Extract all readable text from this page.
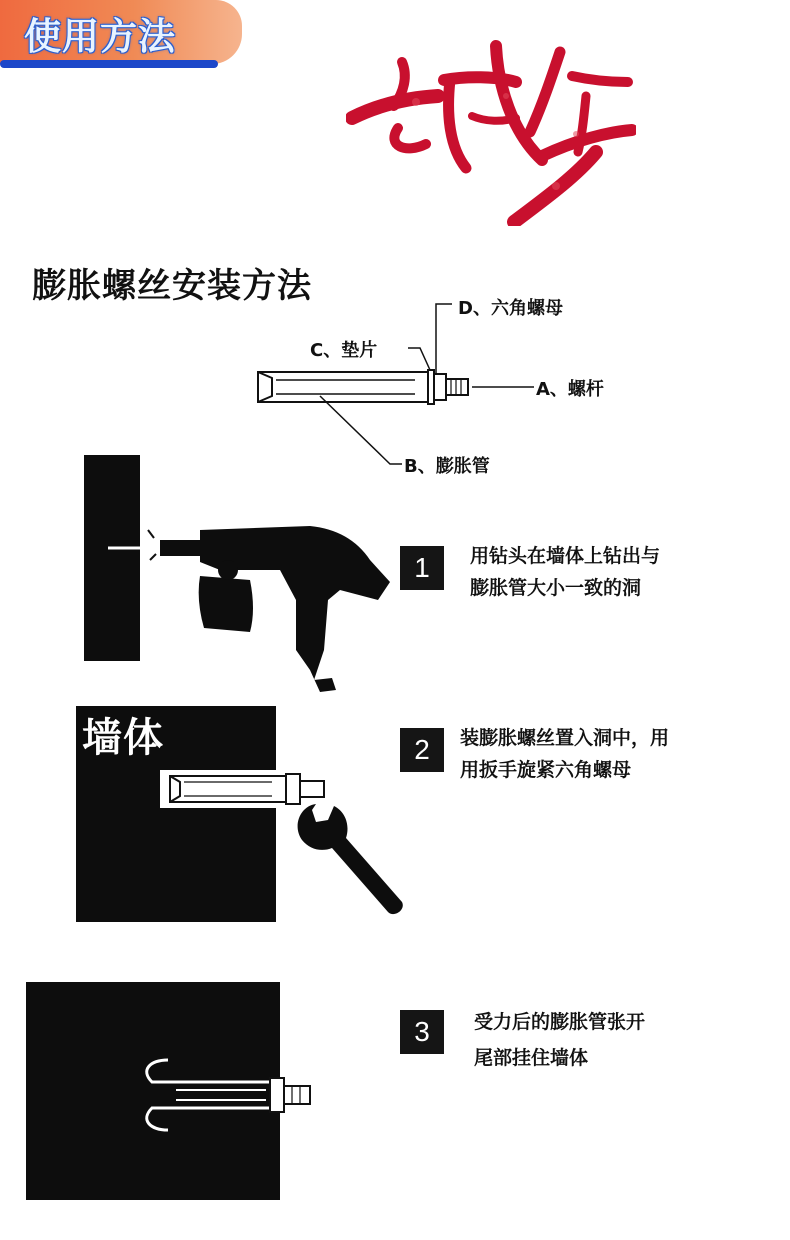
使用方法
膨胀螺丝安装方法
D、六角螺母
C、垫片
A、螺杆
B、膨胀管
1	用钻头在墙体上钻出与
膨胀管大小一致的洞
墙体	2	装膨胀螺丝置入洞中，用
用扳手旋紧六角螺母
3	受力后的膨胀管张开
尾部挂住墙体
